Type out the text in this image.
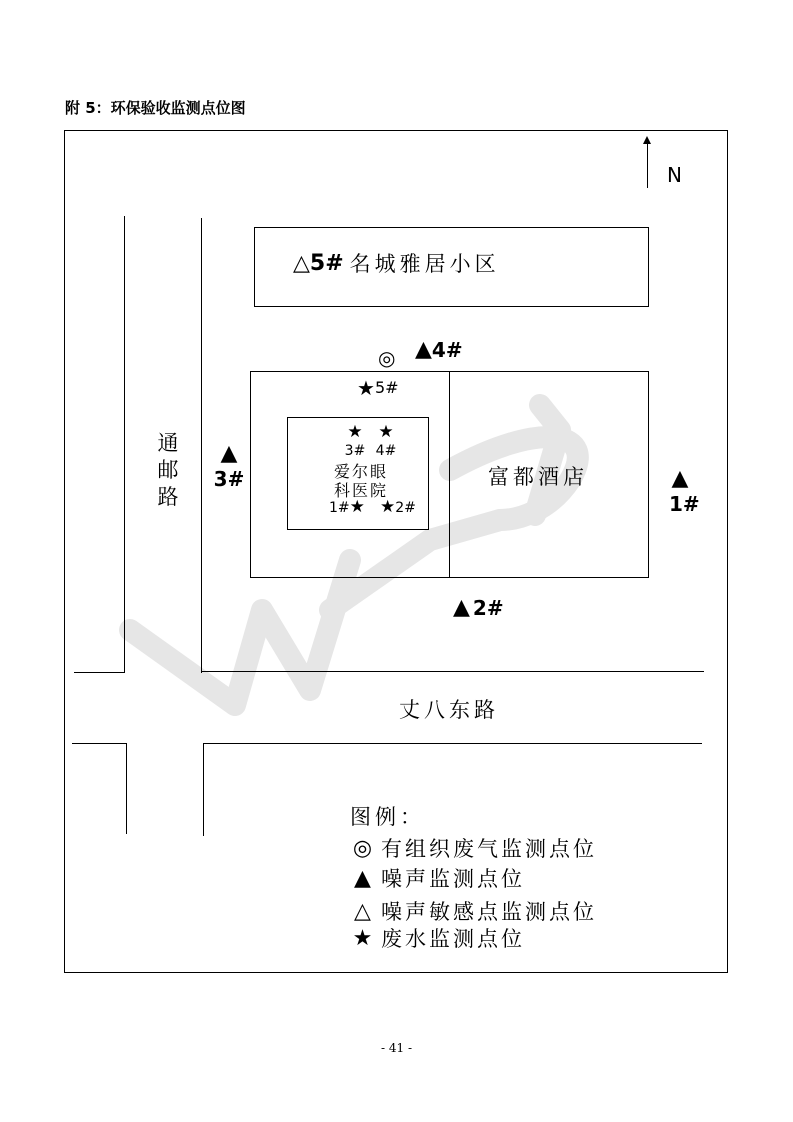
附 5：环保验收监测点位图
N
通
邮
路
丈八东路
△ 5# 名城雅居小区
富都酒店
爱尔眼
科医院
◎ ▲ 4#
▲
1#
▲ 2#
▲
3#
★ 5#
★
3#
★
4#
1# ★ ★ 2#
图例：
◎ 有组织废气监测点位
▲ 噪声监测点位
△ 噪声敏感点监测点位
★ 废水监测点位
- 41 -
